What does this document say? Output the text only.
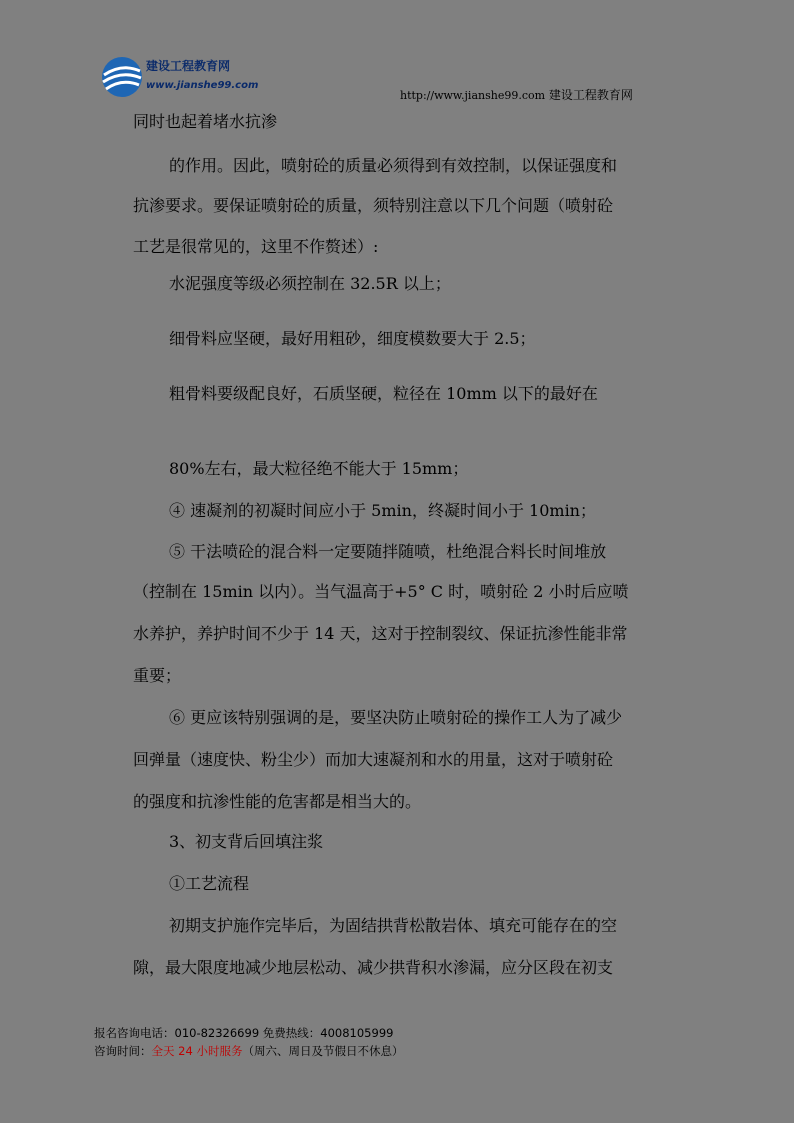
建设工程教育网
www.jianshe99.com
http://www.jianshe99.com 建设工程教育网
同时也起着堵水抗渗
的作用。因此，喷射砼的质量必须得到有效控制，以保证强度和
抗渗要求。要保证喷射砼的质量，须特别注意以下几个问题（喷射砼
工艺是很常见的，这里不作赘述）:
水泥强度等级必须控制在 32.5R 以上；
细骨料应坚硬，最好用粗砂，细度模数要大于 2.5；
粗骨料要级配良好，石质坚硬，粒径在 10mm 以下的最好在
80%左右，最大粒径绝不能大于 15mm；
④ 速凝剂的初凝时间应小于 5min，终凝时间小于 10min；
⑤ 干法喷砼的混合料一定要随拌随喷，杜绝混合料长时间堆放
（控制在 15min 以内）。当气温高于+5° C 时，喷射砼 2 小时后应喷
水养护，养护时间不少于 14 天，这对于控制裂纹、保证抗渗性能非常
重要；
⑥ 更应该特别强调的是，要坚决防止喷射砼的操作工人为了减少
回弹量（速度快、粉尘少）而加大速凝剂和水的用量，这对于喷射砼
的强度和抗渗性能的危害都是相当大的。
3、初支背后回填注浆
①工艺流程
初期支护施作完毕后，为固结拱背松散岩体、填充可能存在的空
隙，最大限度地减少地层松动、减少拱背积水渗漏，应分区段在初支
报名咨询电话：010-82326699 免费热线：4008105999
咨询时间：全天 24 小时服务（周六、周日及节假日不休息）
